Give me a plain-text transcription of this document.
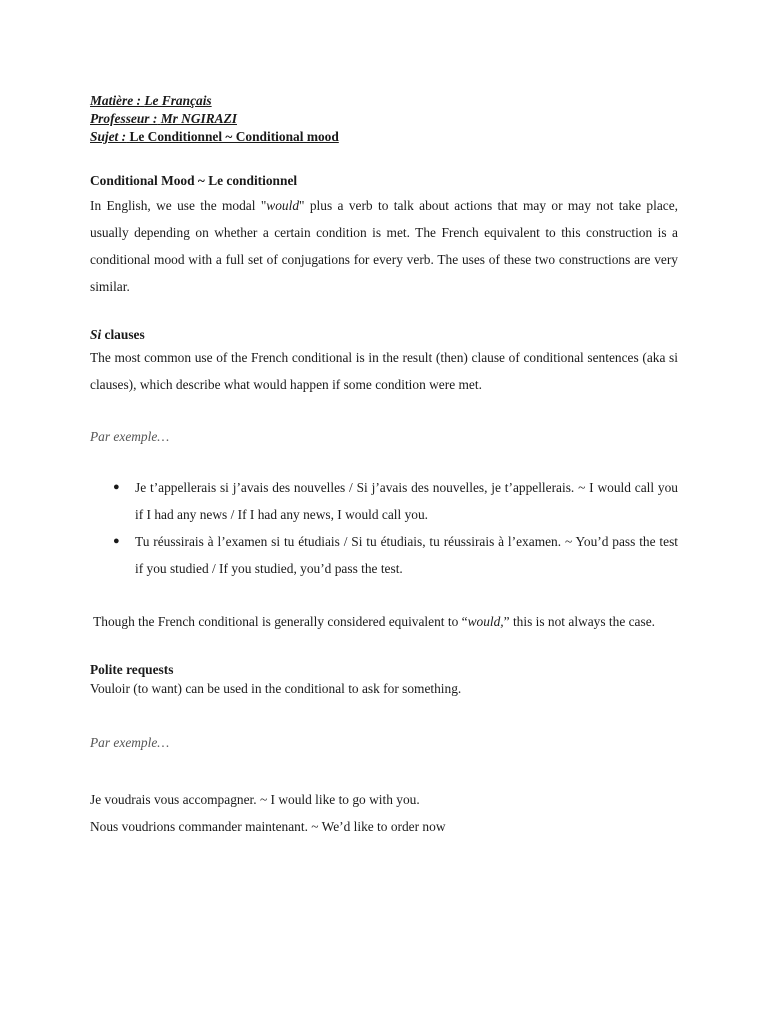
Matière : Le Français
Professeur : Mr NGIRAZI
Sujet : Le Conditionnel ~ Conditional mood
Conditional Mood ~ Le conditionnel
In English, we use the modal "would" plus a verb to talk about actions that may or may not take place, usually depending on whether a certain condition is met. The French equivalent to this construction is a conditional mood with a full set of conjugations for every verb. The uses of these two constructions are very similar.
Si clauses
The most common use of the French conditional is in the result (then) clause of conditional sentences (aka si clauses), which describe what would happen if some condition were met.
Par exemple…
● Je t’appellerais si j’avais des nouvelles / Si j’avais des nouvelles, je t’appellerais. ~ I would call you if I had any news / If I had any news, I would call you.
● Tu réussirais à l’examen si tu étudiais / Si tu étudiais, tu réussirais à l’examen. ~ You’d pass the test if you studied / If you studied, you’d pass the test.
Though the French conditional is generally considered equivalent to “would,” this is not always the case.
Polite requests
Vouloir (to want) can be used in the conditional to ask for something.
Par exemple…
Je voudrais vous accompagner. ~ I would like to go with you.
Nous voudrions commander maintenant. ~ We’d like to order now
